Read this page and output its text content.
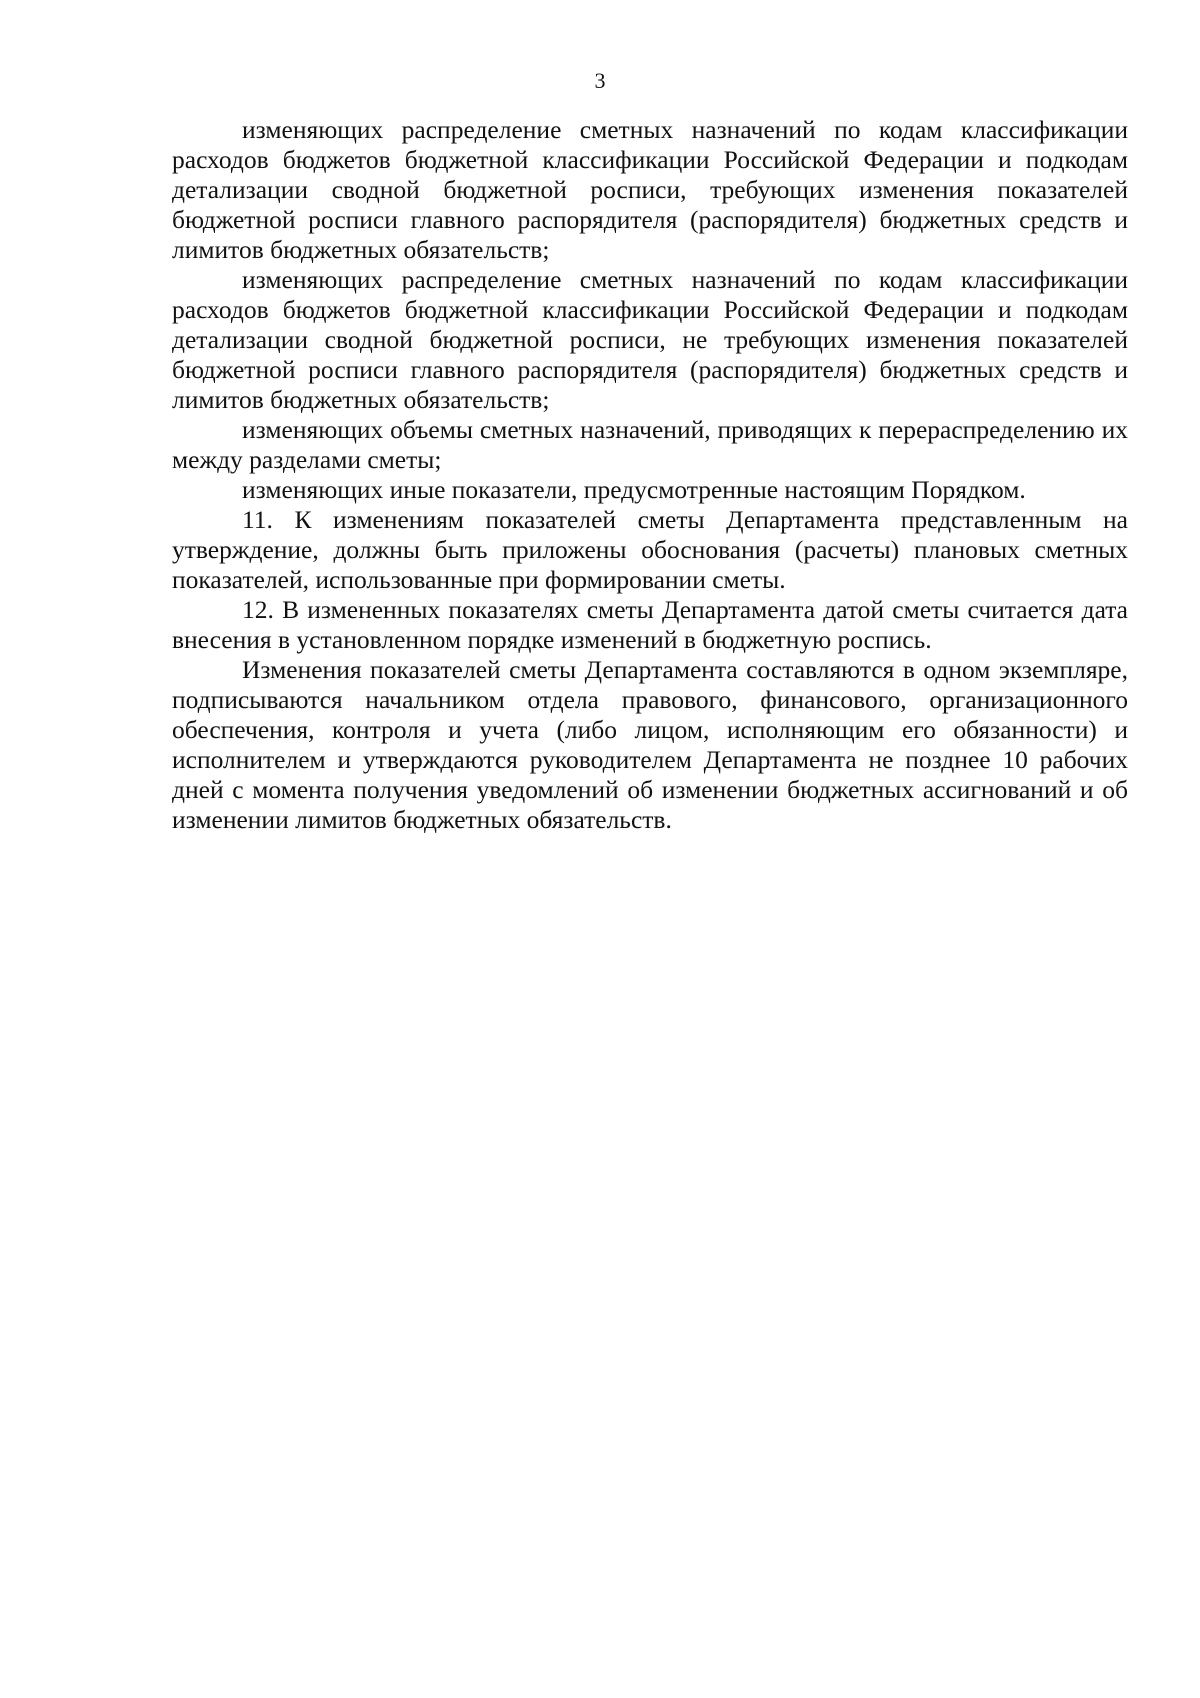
3

изменяющих распределение сметных назначений по кодам классификации расходов бюджетов бюджетной классификации Российской Федерации и подкодам детализации сводной бюджетной росписи, требующих изменения показателей бюджетной росписи главного распорядителя (распорядителя) бюджетных средств и лимитов бюджетных обязательств;

изменяющих распределение сметных назначений по кодам классификации расходов бюджетов бюджетной классификации Российской Федерации и подкодам детализации сводной бюджетной росписи, не требующих изменения показателей бюджетной росписи главного распорядителя (распорядителя) бюджетных средств и лимитов бюджетных обязательств;

изменяющих объемы сметных назначений, приводящих к перераспределению их между разделами сметы;

изменяющих иные показатели, предусмотренные настоящим Порядком.

11. К изменениям показателей сметы Департамента представленным на утверждение, должны быть приложены обоснования (расчеты) плановых сметных показателей, использованные при формировании сметы.

12. В измененных показателях сметы Департамента датой сметы считается дата внесения в установленном порядке изменений в бюджетную роспись.

Изменения показателей сметы Департамента составляются в одном экземпляре, подписываются начальником отдела правового, финансового, организационного обеспечения, контроля и учета (либо лицом, исполняющим его обязанности) и исполнителем и утверждаются руководителем Департамента не позднее 10 рабочих дней с момента получения уведомлений об изменении бюджетных ассигнований и об изменении лимитов бюджетных обязательств.
